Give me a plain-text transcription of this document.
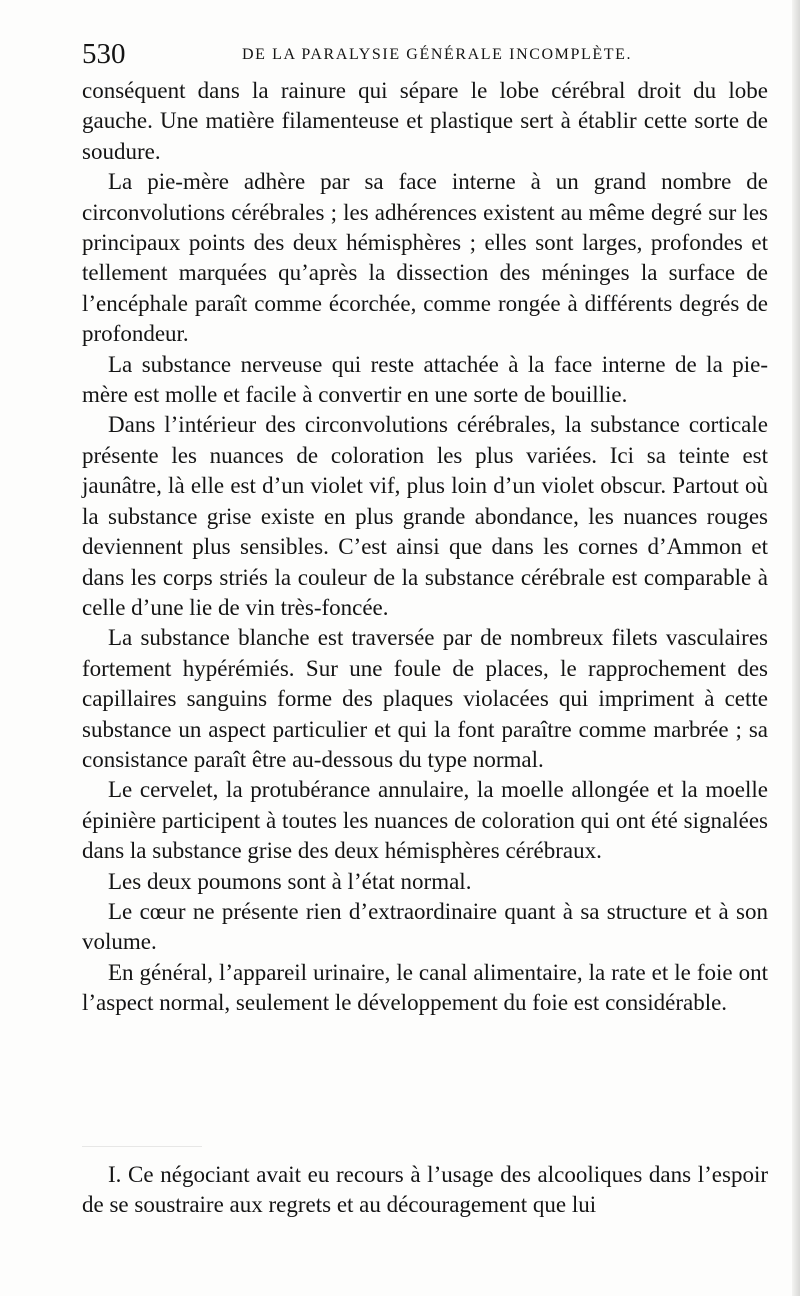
530	DE LA PARALYSIE GÉNÉRALE INCOMPLÈTE.

conséquent dans la rainure qui sépare le lobe cérébral droit du lobe gauche. Une matière filamenteuse et plastique sert à établir cette sorte de soudure.

La pie-mère adhère par sa face interne à un grand nombre de circonvolutions cérébrales ; les adhérences existent au même degré sur les principaux points des deux hémisphères ; elles sont larges, profondes et tellement marquées qu’après la dissection des méninges la surface de l’encéphale paraît comme écorchée, comme rongée à différents degrés de profondeur.

La substance nerveuse qui reste attachée à la face interne de la pie-mère est molle et facile à convertir en une sorte de bouillie.

Dans l’intérieur des circonvolutions cérébrales, la substance corticale présente les nuances de coloration les plus variées. Ici sa teinte est jaunâtre, là elle est d’un violet vif, plus loin d’un violet obscur. Partout où la substance grise existe en plus grande abondance, les nuances rouges deviennent plus sensibles. C’est ainsi que dans les cornes d’Ammon et dans les corps striés la couleur de la substance cérébrale est comparable à celle d’une lie de vin très-foncée.

La substance blanche est traversée par de nombreux filets vasculaires fortement hypérémiés. Sur une foule de places, le rapprochement des capillaires sanguins forme des plaques violacées qui impriment à cette substance un aspect particulier et qui la font paraître comme marbrée ; sa consistance paraît être au-dessous du type normal.

Le cervelet, la protubérance annulaire, la moelle allongée et la moelle épinière participent à toutes les nuances de coloration qui ont été signalées dans la substance grise des deux hémisphères cérébraux.

Les deux poumons sont à l’état normal.

Le cœur ne présente rien d’extraordinaire quant à sa structure et à son volume.

En général, l’appareil urinaire, le canal alimentaire, la rate et le foie ont l’aspect normal, seulement le développement du foie est considérable.

I. Ce négociant avait eu recours à l’usage des alcooliques dans l’espoir de se soustraire aux regrets et au découragement que lui
